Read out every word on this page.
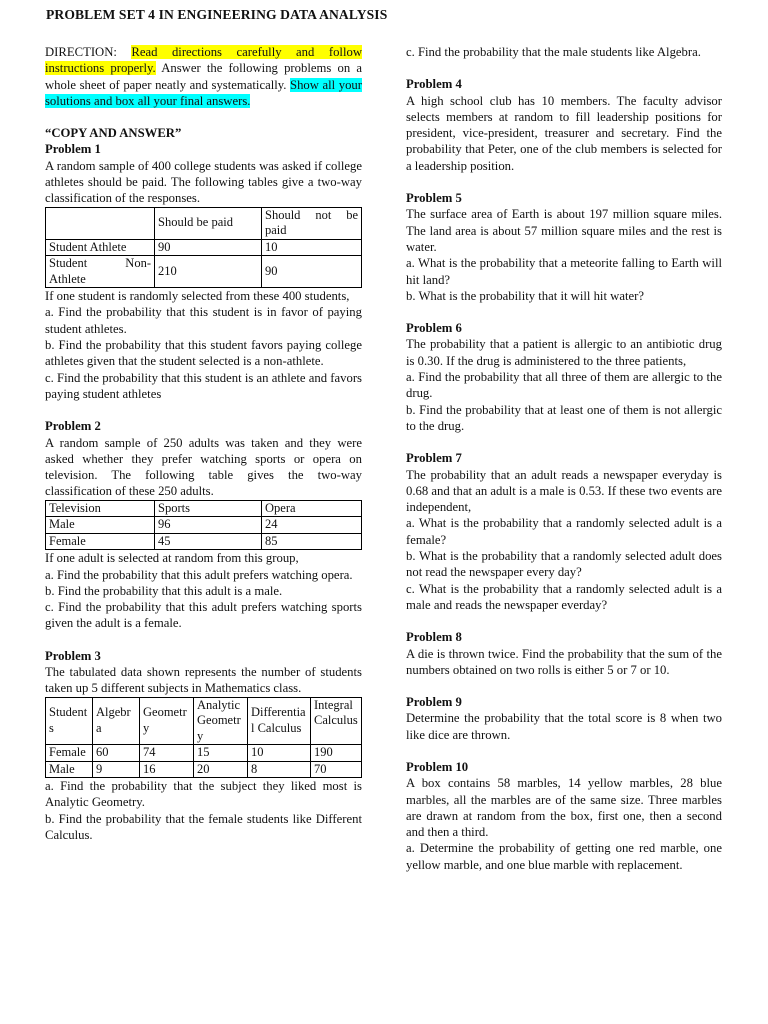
PROBLEM SET 4 IN ENGINEERING DATA ANALYSIS

DIRECTION: Read directions carefully and follow instructions properly. Answer the following problems on a whole sheet of paper neatly and systematically. Show all your solutions and box all your final answers.

“COPY AND ANSWER”
Problem 1

A random sample of 400 college students was asked if college athletes should be paid. The following tables give a two-way classification of the responses.

	Should be paid	Should not be paid
Student Athlete	90	10
Student Non-Athlete	210	90

If one student is randomly selected from these 400 students,

a. Find the probability that this student is in favor of paying student athletes.

b. Find the probability that this student favors paying college athletes given that the student selected is a non-athlete.

c. Find the probability that this student is an athlete and favors paying student athletes

Problem 2

A random sample of 250 adults was taken and they were asked whether they prefer watching sports or opera on television. The following table gives the two-way classification of these 250 adults.

Television	Sports	Opera
Male	96	24
Female	45	85

If one adult is selected at random from this group,

a. Find the probability that this adult prefers watching opera.

b. Find the probability that this adult is a male.

c. Find the probability that this adult prefers watching sports given the adult is a female.

Problem 3

The tabulated data shown represents the number of students taken up 5 different subjects in Mathematics class.

Students	Algebra	Geometry	Analytic Geometry	Differential Calculus	Integral Calculus
Female	60	74	15	10	190
Male	9	16	20	8	70

a. Find the probability that the subject they liked most is Analytic Geometry.

b. Find the probability that the female students like Different Calculus.

c. Find the probability that the male students like Algebra.

Problem 4

A high school club has 10 members. The faculty advisor selects members at random to fill leadership positions for president, vice-president, treasurer and secretary. Find the probability that Peter, one of the club members is selected for a leadership position.

Problem 5

The surface area of Earth is about 197 million square miles. The land area is about 57 million square miles and the rest is water.

a. What is the probability that a meteorite falling to Earth will hit land?

b. What is the probability that it will hit water?

Problem 6

The probability that a patient is allergic to an antibiotic drug is 0.30. If the drug is administered to the three patients,

a. Find the probability that all three of them are allergic to the drug.

b. Find the probability that at least one of them is not allergic to the drug.

Problem 7

The probability that an adult reads a newspaper everyday is 0.68 and that an adult is a male is 0.53. If these two events are independent,

a. What is the probability that a randomly selected adult is a female?

b. What is the probability that a randomly selected adult does not read the newspaper every day?

c. What is the probability that a randomly selected adult is a male and reads the newspaper everday?

Problem 8

A die is thrown twice. Find the probability that the sum of the numbers obtained on two rolls is either 5 or 7 or 10.

Problem 9

Determine the probability that the total score is 8 when two like dice are thrown.

Problem 10

A box contains 58 marbles, 14 yellow marbles, 28 blue marbles, all the marbles are of the same size. Three marbles are drawn at random from the box, first one, then a second and then a third.

a. Determine the probability of getting one red marble, one yellow marble, and one blue marble with replacement.
